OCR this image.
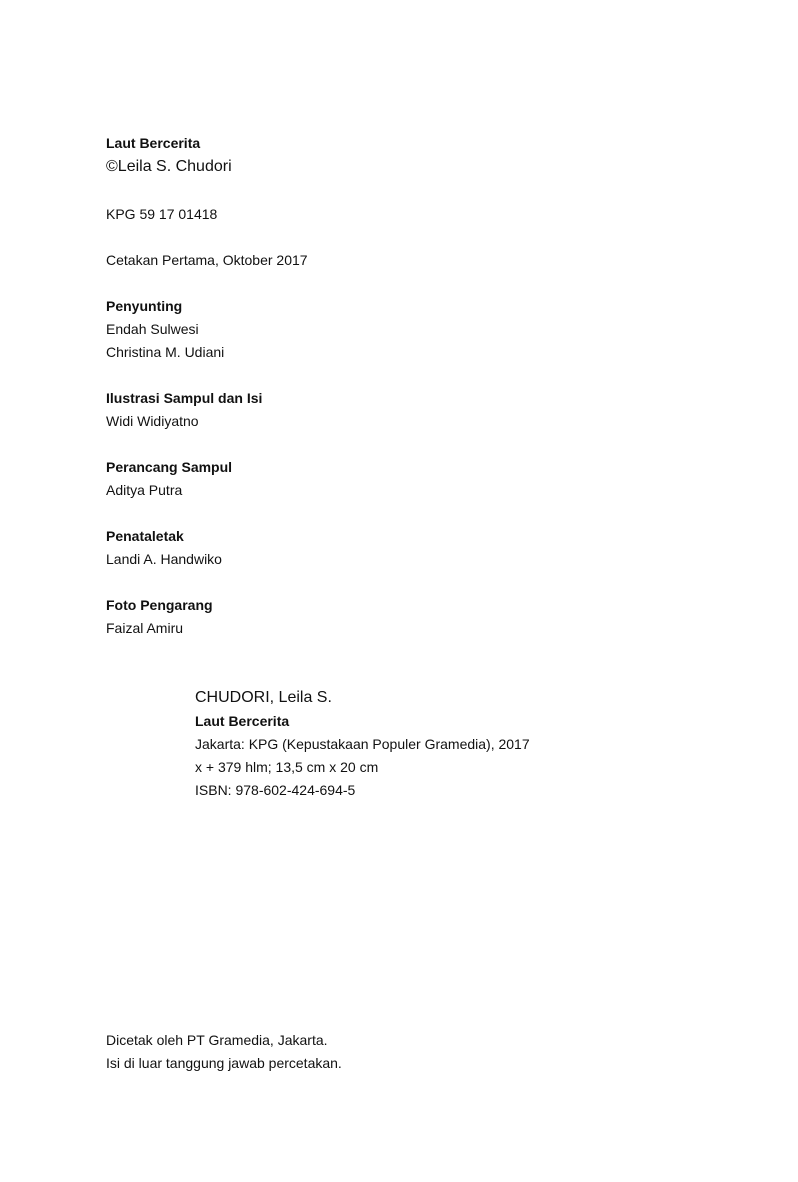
Laut Bercerita
©Leila S. Chudori
KPG 59 17 01418
Cetakan Pertama, Oktober 2017
Penyunting
Endah Sulwesi
Christina M. Udiani
Ilustrasi Sampul dan Isi
Widi Widiyatno
Perancang Sampul
Aditya Putra
Penataletak
Landi A. Handwiko
Foto Pengarang
Faizal Amiru
CHUDORI, Leila S.
Laut Bercerita
Jakarta: KPG (Kepustakaan Populer Gramedia), 2017
x + 379 hlm; 13,5 cm x 20 cm
ISBN: 978-602-424-694-5
Dicetak oleh PT Gramedia, Jakarta.
Isi di luar tanggung jawab percetakan.
